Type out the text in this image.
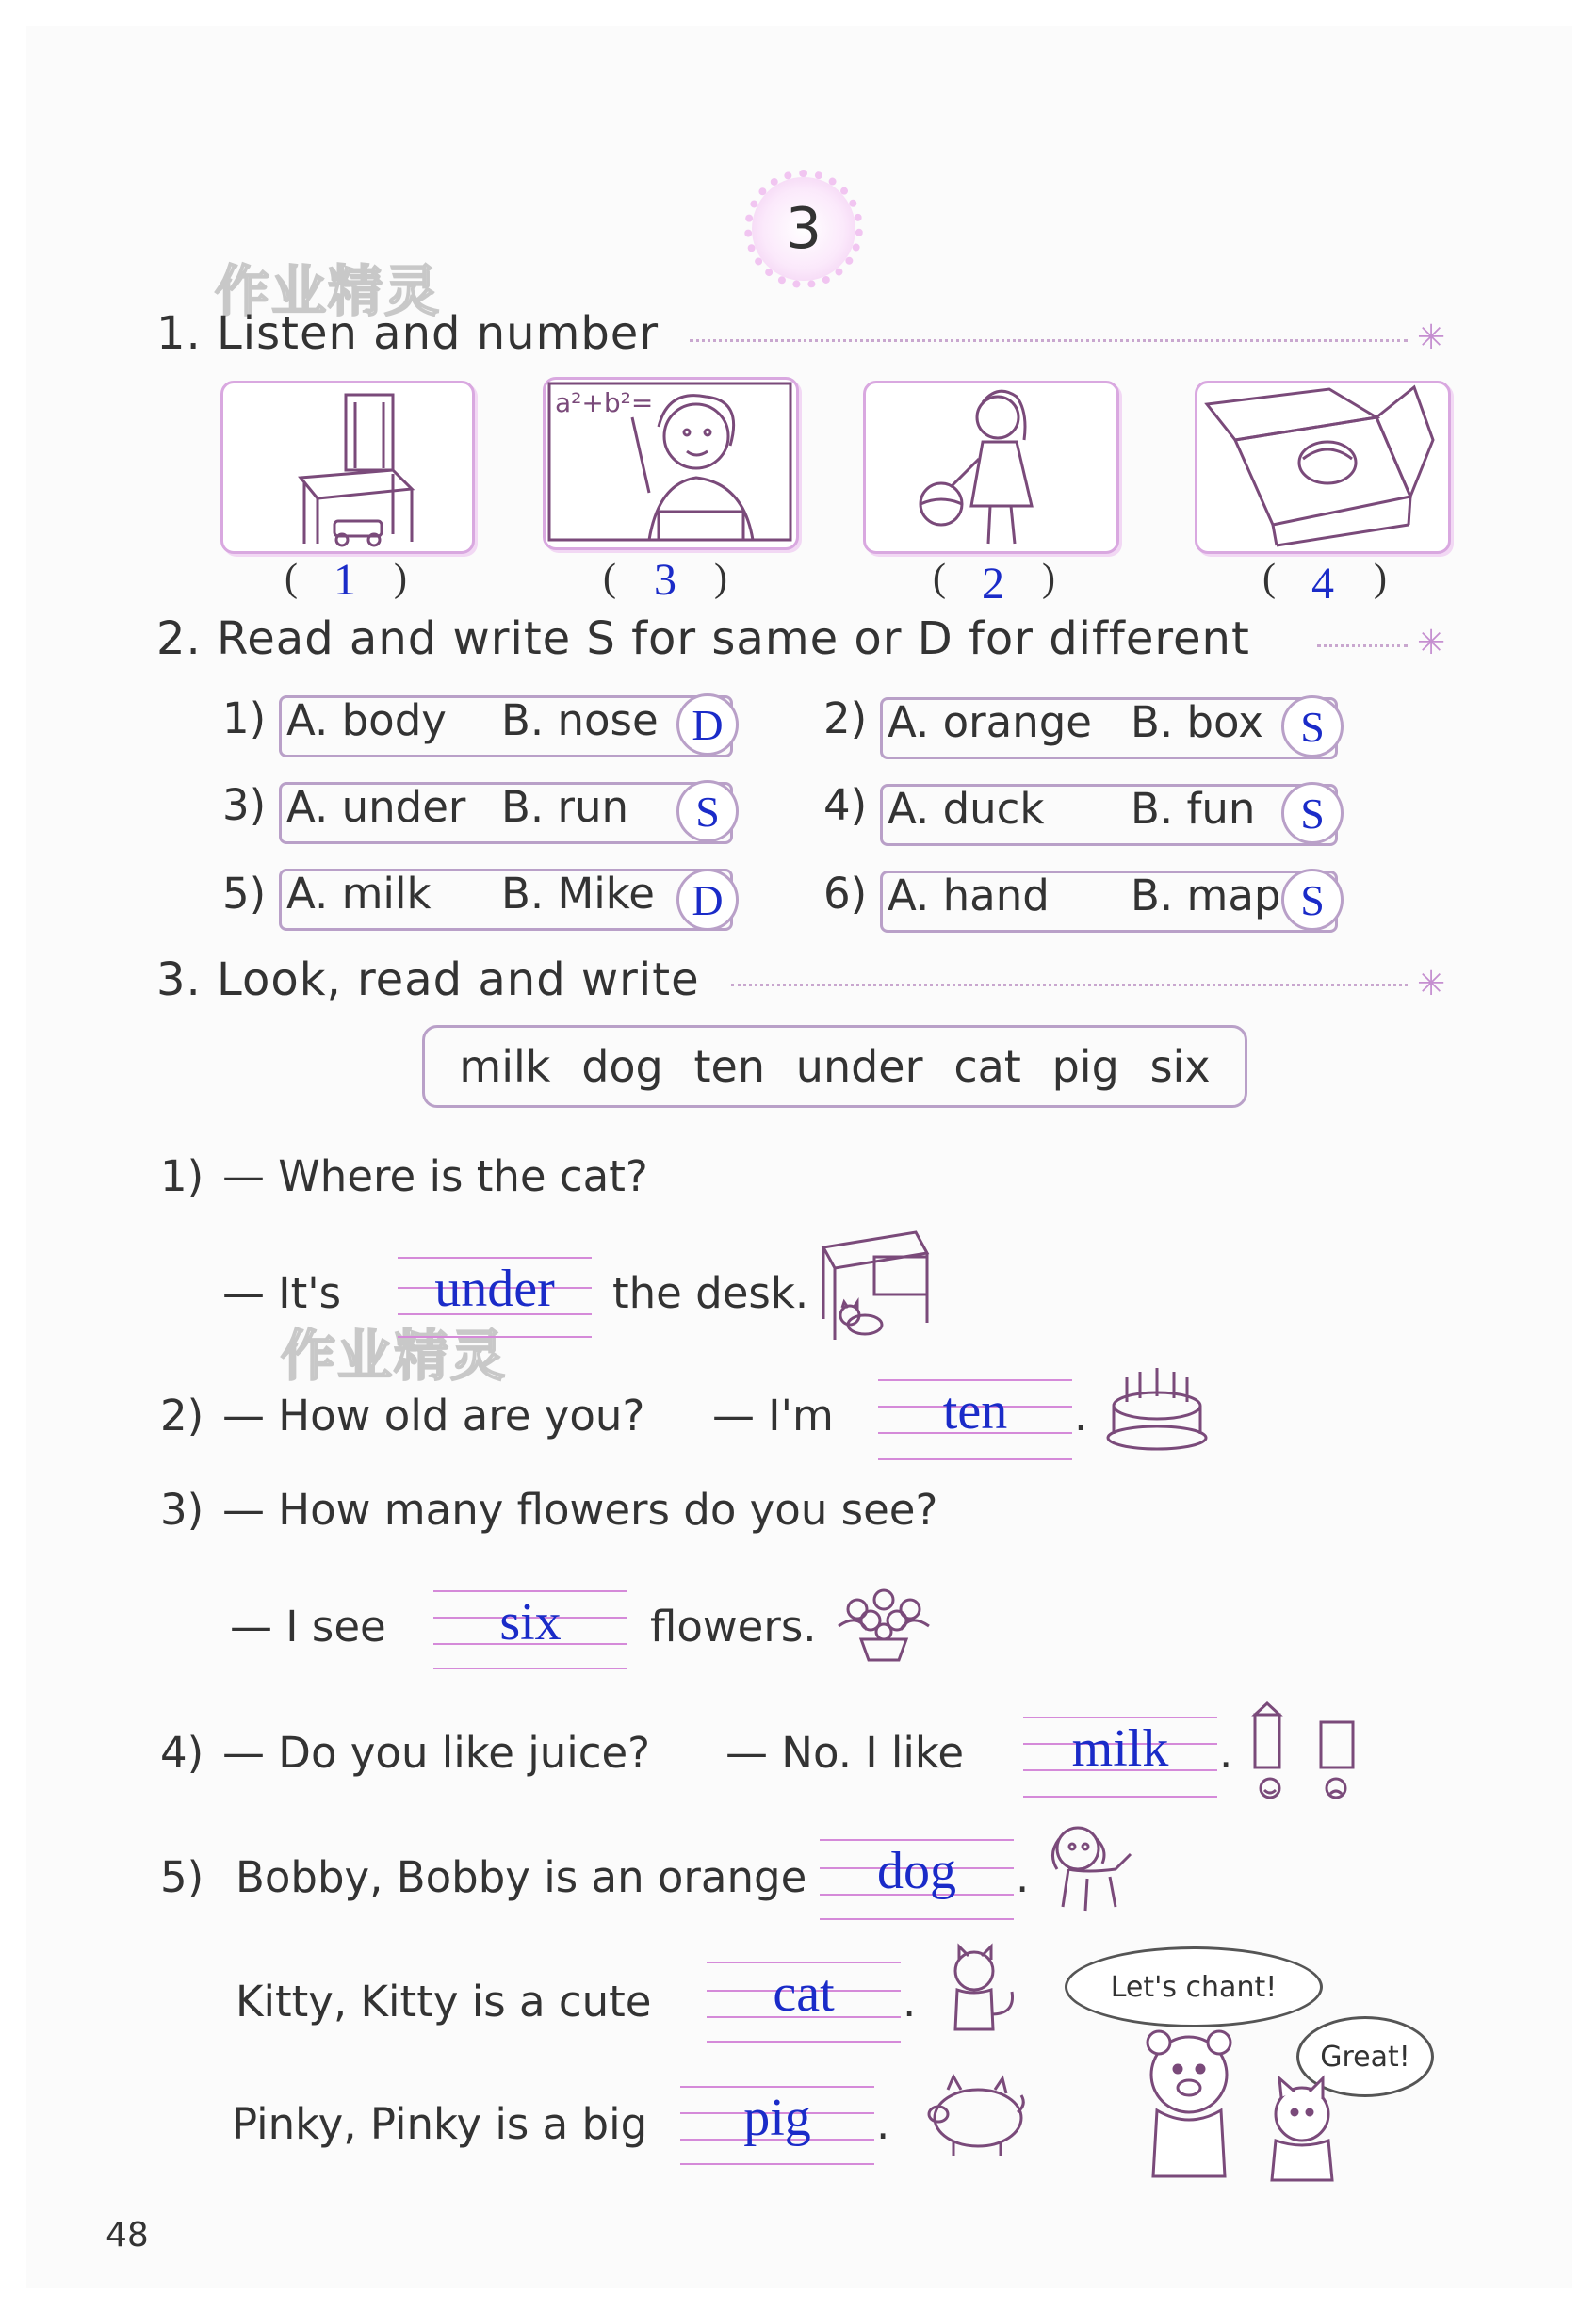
3
作业精灵
作业精灵
1. Listen and number	✳
a²+b²=
( 1 )	( 3 )	( 2 )	( 4 )
2. Read and write S for same or D for different	✳
1) A. body B. nose D	2) A. orange B. box S
3) A. under B. run	S	4) A. duck B. fun	S
5) A. milk B. Mike D	6) A. hand B. map S
3. Look, read and write	✳
milk dog ten under cat pig six
1) — Where is the cat?
— It's	under	the desk.
2) — How old are you? — I'm	ten	.
3) — How many flowers do you see?
— I see	six	flowers.
4) — Do you like juice? — No. I like	milk	.
5) Bobby, Bobby is an orange	dog	.
Kitty, Kitty is a cute	cat	.
Pinky, Pinky is a big	pig	.
Let's chant!
Great!
48
